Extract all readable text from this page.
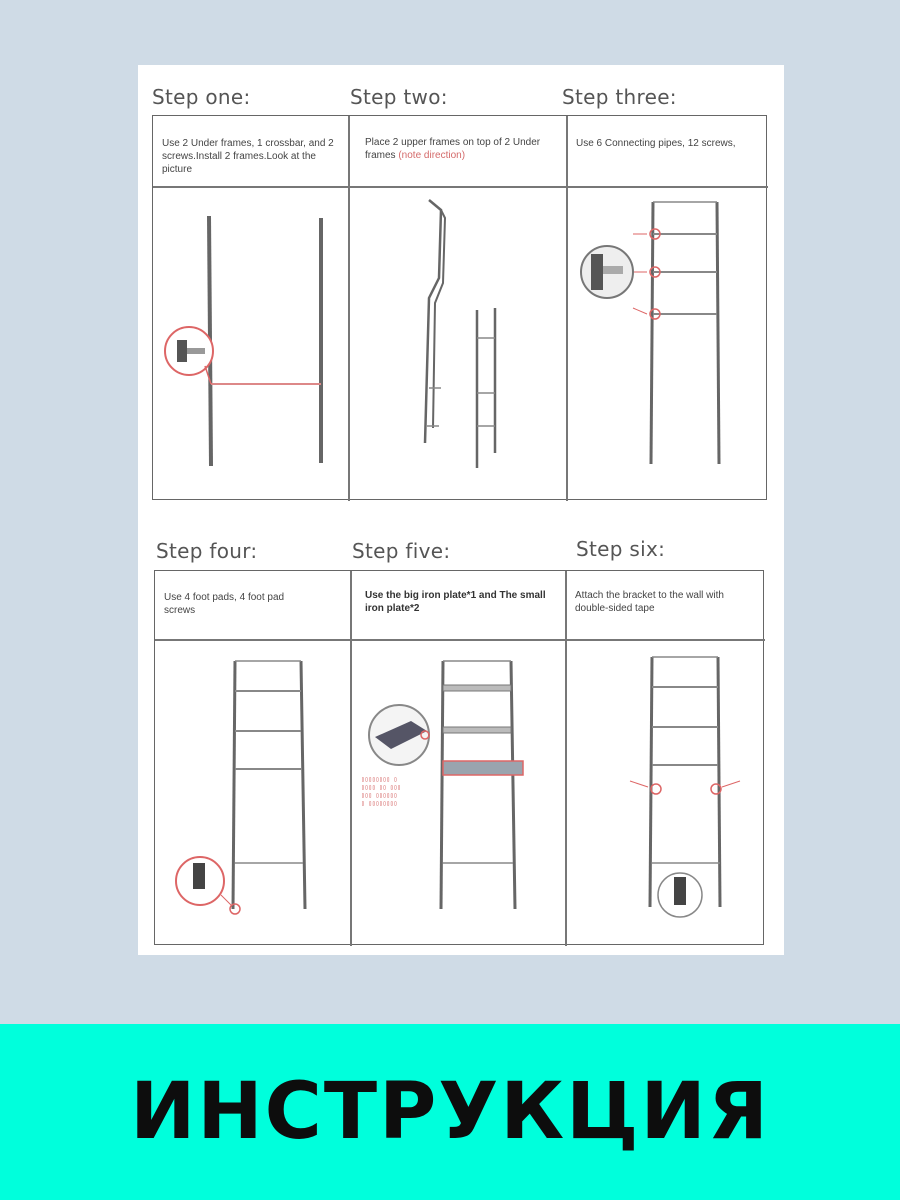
Step one:	Step two:	Step three:
Use 2 Under frames, 1 crossbar, and 2 screws.Install 2 frames.Look at the picture
Place 2 upper frames on top of 2 Under frames (note direction)
Use 6 Connecting pipes, 12 screws,
Step four:	Step five:	Step six:
Use 4 foot pads, 4 foot pad screws
Use the big iron plate*1 and The small iron plate*2
Attach the bracket to the wall with double-sided tape
▯▯▯▯▯▯▯▯ ▯
▯▯▯▯ ▯▯ ▯▯▯
▯▯▯ ▯▯▯▯▯▯
▯ ▯▯▯▯▯▯▯▯
ИНСТРУКЦИЯ
